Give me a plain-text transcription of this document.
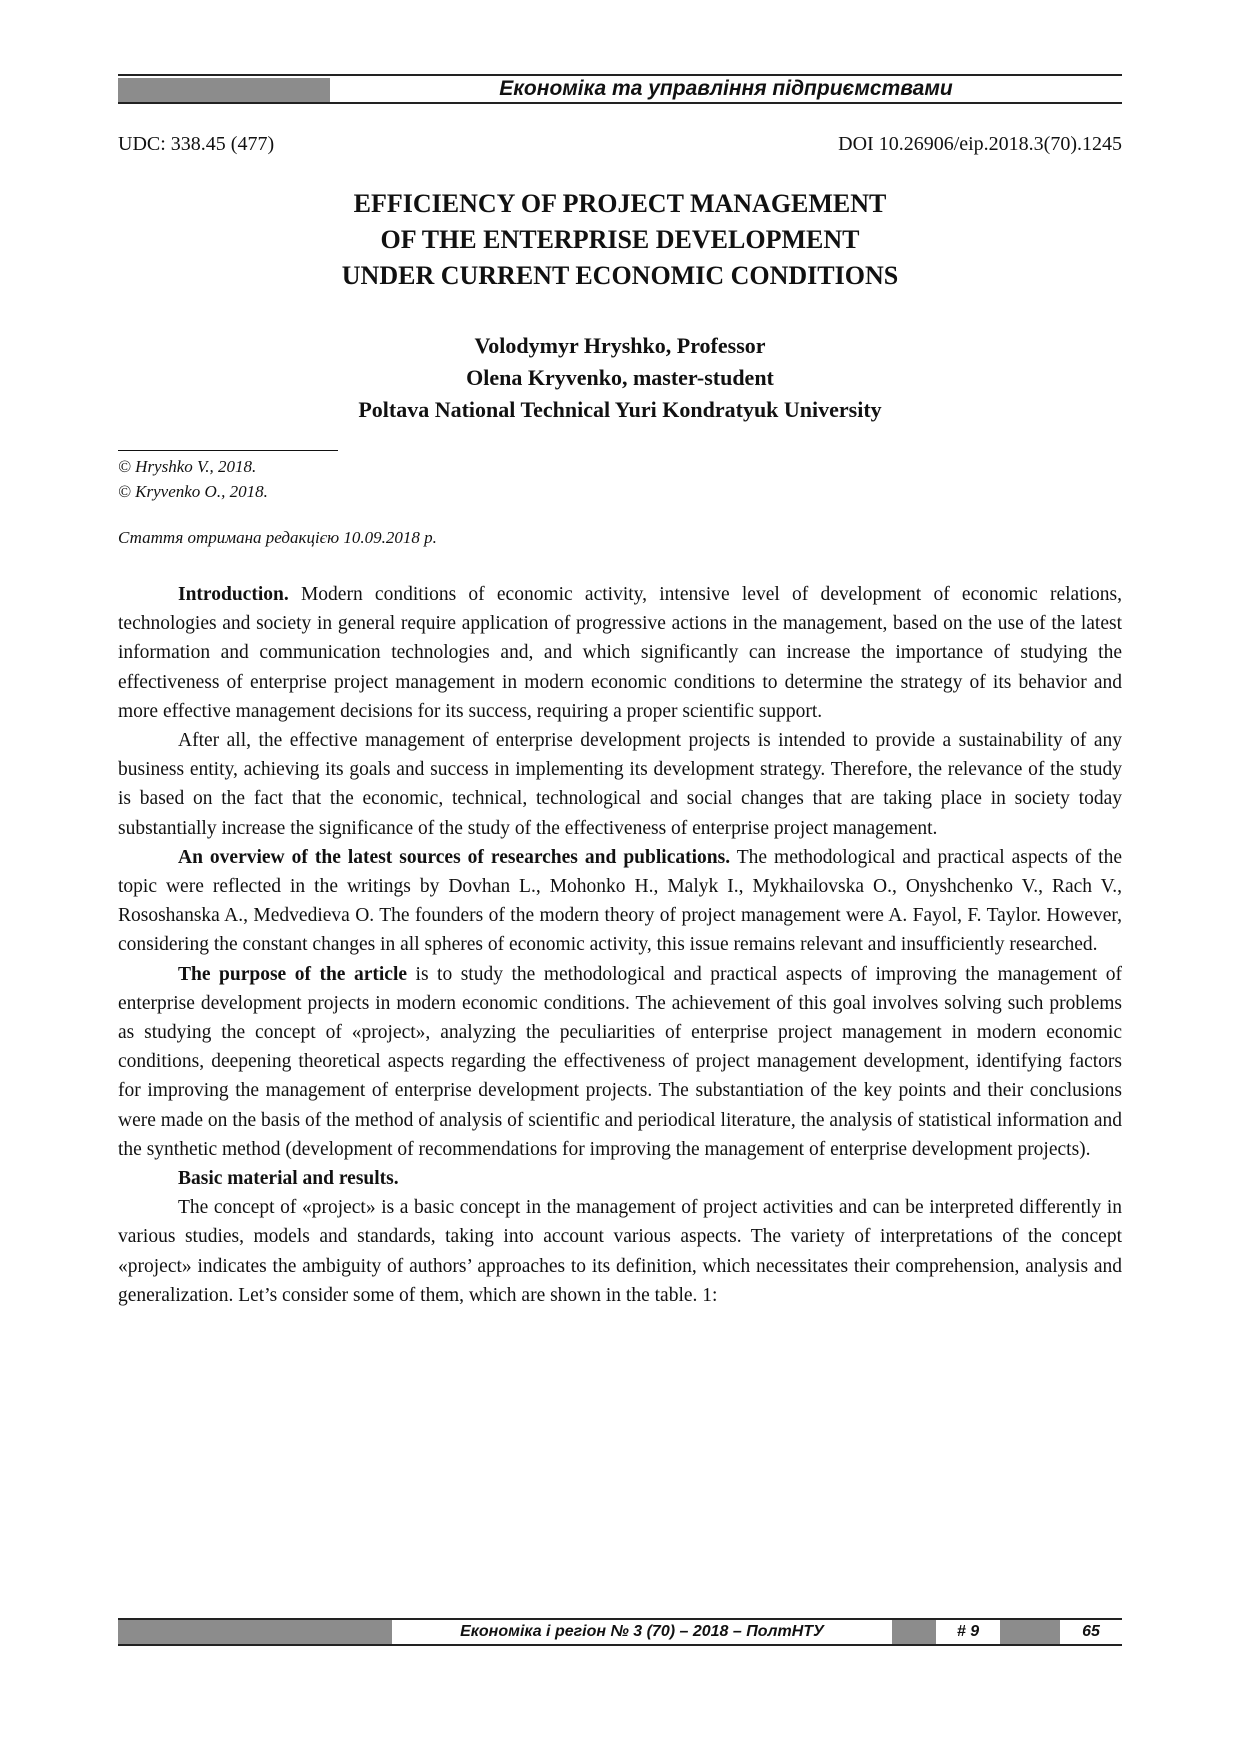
Економіка та управління підприємствами
UDC: 338.45 (477)	DOI 10.26906/eip.2018.3(70).1245
EFFICIENCY OF PROJECT MANAGEMENT
OF THE ENTERPRISE DEVELOPMENT
UNDER CURRENT ECONOMIC CONDITIONS
Volodymyr Hryshko, Professor
Olena Kryvenko, master-student
Poltava National Technical Yuri Kondratyuk University
© Hryshko V., 2018.
© Kryvenko O., 2018.
Стаття отримана редакцією 10.09.2018 р.

Introduction. Modern conditions of economic activity, intensive level of development of economic relations, technologies and society in general require application of progressive actions in the management, based on the use of the latest information and communication technologies and, and which significantly can increase the importance of studying the effectiveness of enterprise project management in modern economic conditions to determine the strategy of its behavior and more effective management decisions for its success, requiring a proper scientific support.

After all, the effective management of enterprise development projects is intended to provide a sustainability of any business entity, achieving its goals and success in implementing its development strategy. Therefore, the relevance of the study is based on the fact that the economic, technical, technological and social changes that are taking place in society today substantially increase the significance of the study of the effectiveness of enterprise project management.

An overview of the latest sources of researches and publications. The methodological and practical aspects of the topic were reflected in the writings by Dovhan L., Mohonko H., Malyk I., Mykhailovska O., Onyshchenko V., Rach V., Rososhanska A., Medvedieva O. The founders of the modern theory of project management were A. Fayol, F. Taylor. However, considering the constant changes in all spheres of economic activity, this issue remains relevant and insufficiently researched.

The purpose of the article is to study the methodological and practical aspects of improving the management of enterprise development projects in modern economic conditions. The achievement of this goal involves solving such problems as studying the concept of «project», analyzing the peculiarities of enterprise project management in modern economic conditions, deepening theoretical aspects regarding the effectiveness of project management development, identifying factors for improving the management of enterprise development projects. The substantiation of the key points and their conclusions were made on the basis of the method of analysis of scientific and periodical literature, the analysis of statistical information and the synthetic method (development of recommendations for improving the management of enterprise development projects).

Basic material and results.

The concept of «project» is a basic concept in the management of project activities and can be interpreted differently in various studies, models and standards, taking into account various aspects. The variety of interpretations of the concept «project» indicates the ambiguity of authors’ approaches to its definition, which necessitates their comprehension, analysis and generalization. Let’s consider some of them, which are shown in the table. 1:

Економіка і регіон № 3 (70) – 2018 – ПолтНТУ	# 9	65
